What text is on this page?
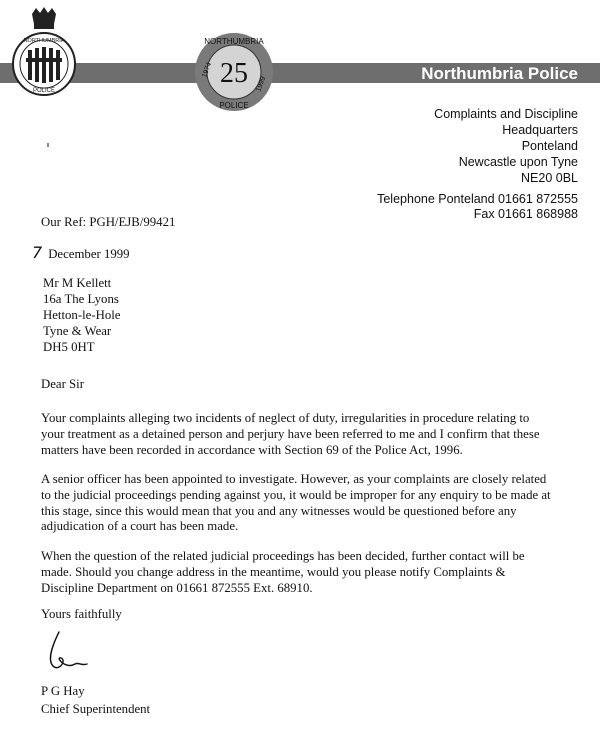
Northumbria Police
NORTHUMBRIA
POLICE
NORTHUMBRIA
25
1974
POLICE
1999
Complaints and Discipline
Headquarters
Ponteland
Newcastle upon Tyne
NE20 0BL
Telephone Ponteland 01661 872555
Fax 01661 868988
Our Ref: PGH/EJB/99421
7 December 1999
Mr M Kellett
16a The Lyons
Hetton-le-Hole
Tyne & Wear
DH5 0HT
Dear Sir
Your complaints alleging two incidents of neglect of duty, irregularities in procedure relating to your treatment as a detained person and perjury have been referred to me and I confirm that these matters have been recorded in accordance with Section 69 of the Police Act, 1996.
A senior officer has been appointed to investigate. However, as your complaints are closely related to the judicial proceedings pending against you, it would be improper for any enquiry to be made at this stage, since this would mean that you and any witnesses would be questioned before any adjudication of a court has been made.
When the question of the related judicial proceedings has been decided, further contact will be made. Should you change address in the meantime, would you please notify Complaints & Discipline Department on 01661 872555 Ext. 68910.
Yours faithfully
P G Hay
Chief Superintendent
